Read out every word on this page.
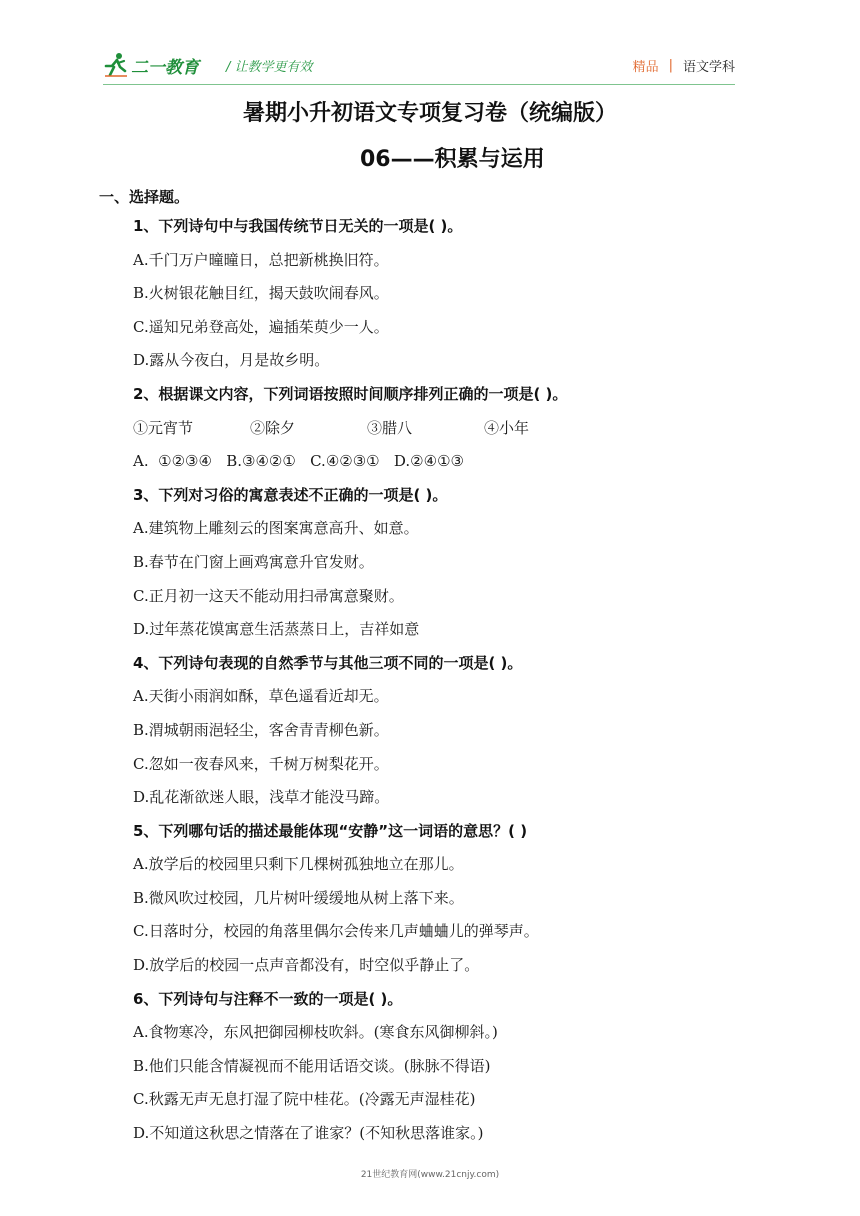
二一教育 / 让教学更有效	精品 | 语文学科
暑期小升初语文专项复习卷（统编版）
06——积累与运用
一、选择题。
1、下列诗句中与我国传统节日无关的一项是( )。
A.千门万户曈曈日，总把新桃换旧符。
B.火树银花触目红，揭天鼓吹闹春风。
C.遥知兄弟登高处，遍插茱萸少一人。
D.露从今夜白，月是故乡明。
2、根据课文内容，下列词语按照时间顺序排列正确的一项是( )。
①元宵节	②除夕	③腊八	④小年
A.  ①②③④   B.③④②①   C.④②③①   D.②④①③
3、下列对习俗的寓意表述不正确的一项是( )。
A.建筑物上雕刻云的图案寓意高升、如意。
B.春节在门窗上画鸡寓意升官发财。
C.正月初一这天不能动用扫帚寓意聚财。
D.过年蒸花馍寓意生活蒸蒸日上，吉祥如意
4、下列诗句表现的自然季节与其他三项不同的一项是( )。
A.天街小雨润如酥，草色遥看近却无。
B.渭城朝雨浥轻尘，客舍青青柳色新。
C.忽如一夜春风来，千树万树梨花开。
D.乱花渐欲迷人眼，浅草才能没马蹄。
5、下列哪句话的描述最能体现“安静”这一词语的意思？( )
A.放学后的校园里只剩下几棵树孤独地立在那儿。
B.微风吹过校园，几片树叶缓缓地从树上落下来。
C.日落时分，校园的角落里偶尔会传来几声蛐蛐儿的弹琴声。
D.放学后的校园一点声音都没有，时空似乎静止了。
6、下列诗句与注释不一致的一项是( )。
A.食物寒冷，东风把御园柳枝吹斜。(寒食东风御柳斜。)
B.他们只能含情凝视而不能用话语交谈。(脉脉不得语)
C.秋露无声无息打湿了院中桂花。(冷露无声湿桂花)
D.不知道这秋思之情落在了谁家？(不知秋思落谁家。)
21世纪教育网(www.21cnjy.com)
